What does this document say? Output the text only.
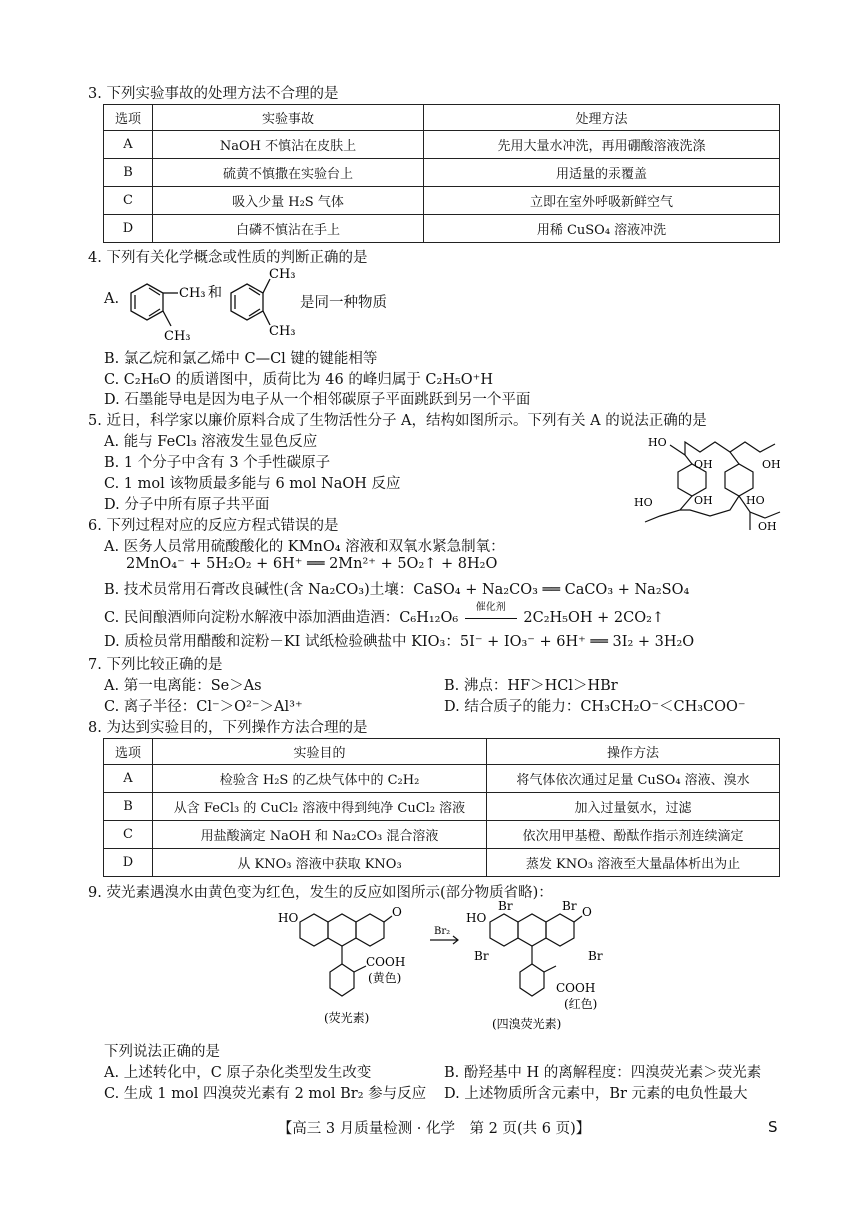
3. 下列实验事故的处理方法不合理的是
选项	实验事故	处理方法
A	NaOH 不慎沾在皮肤上	先用大量水冲洗，再用硼酸溶液洗涤
B	硫黄不慎撒在实验台上	用适量的汞覆盖
C	吸入少量 H₂S 气体	立即在室外呼吸新鲜空气
D	白磷不慎沾在手上	用稀 CuSO₄ 溶液冲洗
4. 下列有关化学概念或性质的判断正确的是
A.	CH₃
CH₃
和
CH₃
CH₃
是同一种物质
B. 氯乙烷和氯乙烯中 C—Cl 键的键能相等
C. C₂H₆O 的质谱图中，质荷比为 46 的峰归属于 C₂H₅O⁺H
D. 石墨能导电是因为电子从一个相邻碳原子平面跳跃到另一个平面
5. 近日，科学家以廉价原料合成了生物活性分子 A，结构如图所示。下列有关 A 的说法正确的是
A. 能与 FeCl₃ 溶液发生显色反应
B. 1 个分子中含有 3 个手性碳原子
C. 1 mol 该物质最多能与 6 mol NaOH 反应
D. 分子中所有原子共平面
HO
OH	OH
HO	OH	HO
OH
6. 下列过程对应的反应方程式错误的是
A. 医务人员常用硫酸酸化的 KMnO₄ 溶液和双氧水紧急制氧：
2MnO₄⁻ + 5H₂O₂ + 6H⁺ ══ 2Mn²⁺ + 5O₂↑ + 8H₂O
B. 技术员常用石膏改良碱性(含 Na₂CO₃)土壤：CaSO₄ + Na₂CO₃ ══ CaCO₃ + Na₂SO₄
C. 民间酿酒师向淀粉水解液中添加酒曲造酒：C₆H₁₂O₆
催化剂
2C₂H₅OH + 2CO₂↑
D. 质检员常用醋酸和淀粉－KI 试纸检验碘盐中 KIO₃：5I⁻ + IO₃⁻ + 6H⁺ ══ 3I₂ + 3H₂O
7. 下列比较正确的是
A. 第一电离能：Se＞As	B. 沸点：HF＞HCl＞HBr
C. 离子半径：Cl⁻＞O²⁻＞Al³⁺	D. 结合质子的能力：CH₃CH₂O⁻＜CH₃COO⁻
8. 为达到实验目的，下列操作方法合理的是
选项	实验目的	操作方法
A	检验含 H₂S 的乙炔气体中的 C₂H₂	将气体依次通过足量 CuSO₄ 溶液、溴水
B	从含 FeCl₃ 的 CuCl₂ 溶液中得到纯净 CuCl₂ 溶液	加入过量氨水，过滤
C	用盐酸滴定 NaOH 和 Na₂CO₃ 混合溶液	依次用甲基橙、酚酞作指示剂连续滴定
D	从 KNO₃ 溶液中获取 KNO₃	蒸发 KNO₃ 溶液至大量晶体析出为止
9. 荧光素遇溴水由黄色变为红色，发生的反应如图所示(部分物质省略)：
HO	O
COOH
(黄色)
Br₂
HO
Br	Br O
Br	Br
COOH
(红色)
(荧光素)	(四溴荧光素)
下列说法正确的是
A. 上述转化中，C 原子杂化类型发生改变	B. 酚羟基中 H 的离解程度：四溴荧光素＞荧光素
C. 生成 1 mol 四溴荧光素有 2 mol Br₂ 参与反应 D. 上述物质所含元素中，Br 元素的电负性最大
【高三 3 月质量检测 · 化学　第 2 页(共 6 页)】	S
